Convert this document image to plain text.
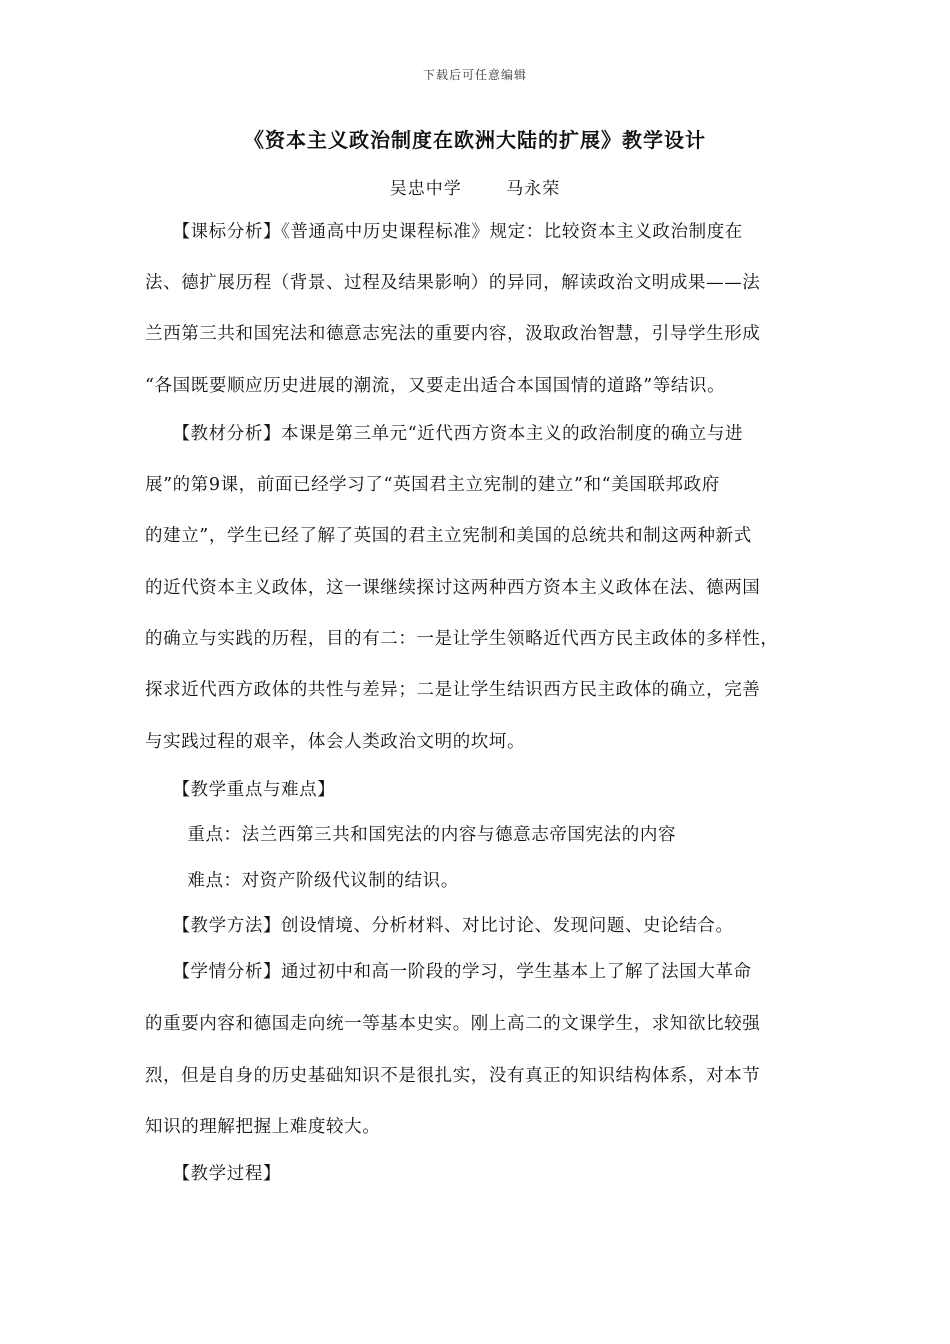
下载后可任意编辑
《资本主义政治制度在欧洲大陆的扩展》教学设计
吴忠中学	马永荣
　　【课标分析】《普通高中历史课程标准》规定：比较资本主义政治制度在
法、德扩展历程（背景、过程及结果影响）的异同，解读政治文明成果——法
兰西第三共和国宪法和德意志宪法的重要内容，汲取政治智慧，引导学生形成
“各国既要顺应历史进展的潮流，又要走出适合本国国情的道路”等结识。
　　【教材分析】本课是第三单元“近代西方资本主义的政治制度的确立与进
展”的第9课，前面已经学习了“英国君主立宪制的建立”和“美国联邦政府
的建立”，学生已经了解了英国的君主立宪制和美国的总统共和制这两种新式
的近代资本主义政体，这一课继续探讨这两种西方资本主义政体在法、德两国
的确立与实践的历程，目的有二：一是让学生领略近代西方民主政体的多样性，
探求近代西方政体的共性与差异；二是让学生结识西方民主政体的确立，完善
与实践过程的艰辛，体会人类政治文明的坎坷。
　　【教学重点与难点】
　　 重点：法兰西第三共和国宪法的内容与德意志帝国宪法的内容
　　 难点：对资产阶级代议制的结识。
　　【教学方法】创设情境、分析材料、对比讨论、发现问题、史论结合。
　　【学情分析】通过初中和高一阶段的学习，学生基本上了解了法国大革命
的重要内容和德国走向统一等基本史实。刚上高二的文课学生，求知欲比较强
烈，但是自身的历史基础知识不是很扎实，没有真正的知识结构体系，对本节
知识的理解把握上难度较大。
　　【教学过程】
